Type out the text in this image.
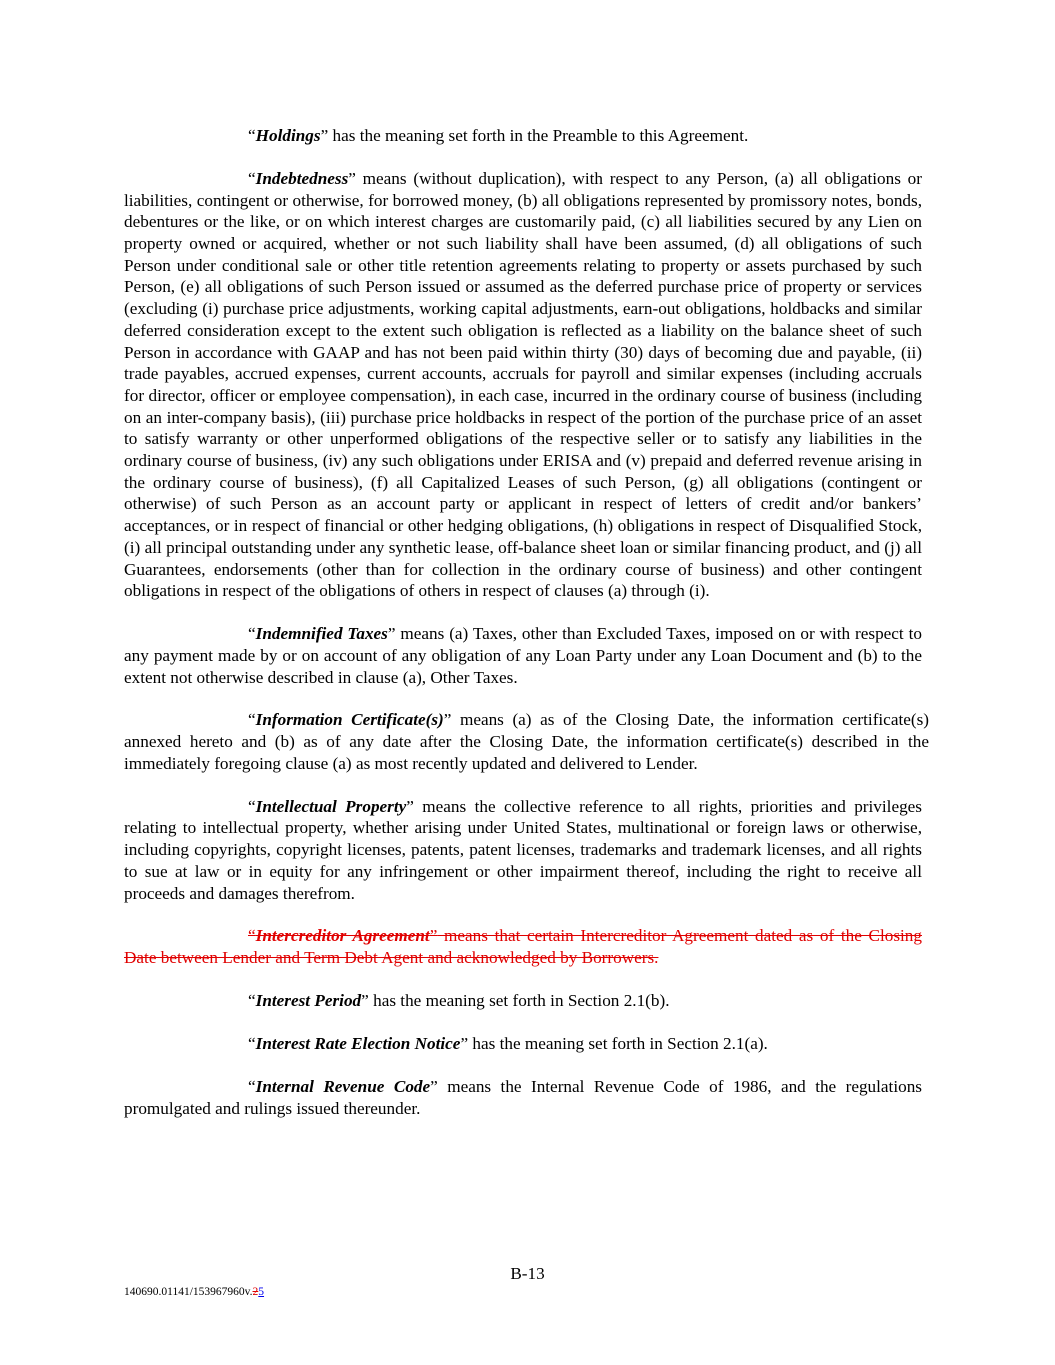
“Holdings” has the meaning set forth in the Preamble to this Agreement.

“Indebtedness” means (without duplication), with respect to any Person, (a) all obligations or liabilities, contingent or otherwise, for borrowed money, (b) all obligations represented by promissory notes, bonds, debentures or the like, or on which interest charges are customarily paid, (c) all liabilities secured by any Lien on property owned or acquired, whether or not such liability shall have been assumed, (d) all obligations of such Person under conditional sale or other title retention agreements relating to property or assets purchased by such Person, (e) all obligations of such Person issued or assumed as the deferred purchase price of property or services (excluding (i) purchase price adjustments, working capital adjustments, earn-out obligations, holdbacks and similar deferred consideration except to the extent such obligation is reflected as a liability on the balance sheet of such Person in accordance with GAAP and has not been paid within thirty (30) days of becoming due and payable, (ii) trade payables, accrued expenses, current accounts, accruals for payroll and similar expenses (including accruals for director, officer or employee compensation), in each case, incurred in the ordinary course of business (including on an inter-company basis), (iii) purchase price holdbacks in respect of the portion of the purchase price of an asset to satisfy warranty or other unperformed obligations of the respective seller or to satisfy any liabilities in the ordinary course of business, (iv) any such obligations under ERISA and (v) prepaid and deferred revenue arising in the ordinary course of business), (f) all Capitalized Leases of such Person, (g) all obligations (contingent or otherwise) of such Person as an account party or applicant in respect of letters of credit and/or bankers’ acceptances, or in respect of financial or other hedging obligations, (h) obligations in respect of Disqualified Stock, (i) all principal outstanding under any synthetic lease, off-balance sheet loan or similar financing product, and (j) all Guarantees, endorsements (other than for collection in the ordinary course of business) and other contingent obligations in respect of the obligations of others in respect of clauses (a) through (i).

“Indemnified Taxes” means (a) Taxes, other than Excluded Taxes, imposed on or with respect to any payment made by or on account of any obligation of any Loan Party under any Loan Document and (b) to the extent not otherwise described in clause (a), Other Taxes.

“Information Certificate(s)” means (a) as of the Closing Date, the information certificate(s) annexed hereto and (b) as of any date after the Closing Date, the information certificate(s) described in the immediately foregoing clause (a) as most recently updated and delivered to Lender.

“Intellectual Property” means the collective reference to all rights, priorities and privileges relating to intellectual property, whether arising under United States, multinational or foreign laws or otherwise, including copyrights, copyright licenses, patents, patent licenses, trademarks and trademark licenses, and all rights to sue at law or in equity for any infringement or other impairment thereof, including the right to receive all proceeds and damages therefrom.

“Intercreditor Agreement” means that certain Intercreditor Agreement dated as of the Closing Date between Lender and Term Debt Agent and acknowledged by Borrowers.

“Interest Period” has the meaning set forth in Section 2.1(b).

“Interest Rate Election Notice” has the meaning set forth in Section 2.1(a).

“Internal Revenue Code” means the Internal Revenue Code of 1986, and the regulations promulgated and rulings issued thereunder.

B-13
140690.01141/153967960v.25
